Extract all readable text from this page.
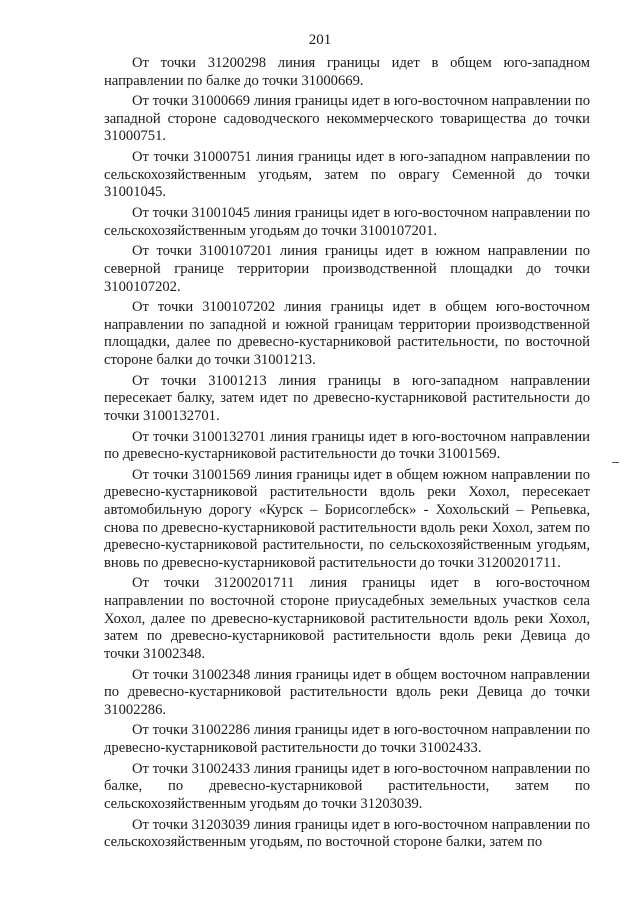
201

От точки 31200298 линия границы идет в общем юго-западном направлении по балке до точки 31000669.

От точки 31000669 линия границы идет в юго-восточном направлении по западной стороне садоводческого некоммерческого товарищества до точки 31000751.

От точки 31000751 линия границы идет в юго-западном направлении по сельскохозяйственным угодьям, затем по оврагу Семенной до точки 31001045.

От точки 31001045 линия границы идет в юго-восточном направлении по сельскохозяйственным угодьям до точки 3100107201.

От точки 3100107201 линия границы идет в южном направлении по северной границе территории производственной площадки до точки 3100107202.

От точки 3100107202 линия границы идет в общем юго-восточном направлении по западной и южной границам территории производственной площадки, далее по древесно-кустарниковой растительности, по восточной стороне балки до точки 31001213.

От точки 31001213 линия границы в юго-западном направлении пересекает балку, затем идет по древесно-кустарниковой растительности до точки 3100132701.

От точки 3100132701 линия границы идет в юго-восточном направлении по древесно-кустарниковой растительности до точки 31001569.

От точки 31001569 линия границы идет в общем южном направлении по древесно-кустарниковой растительности вдоль реки Хохол, пересекает автомобильную дорогу «Курск – Борисоглебск» - Хохольский – Репьевка, снова по древесно-кустарниковой растительности вдоль реки Хохол, затем по древесно-кустарниковой растительности, по сельскохозяйственным угодьям, вновь по древесно-кустарниковой растительности до точки 31200201711.

От точки 31200201711 линия границы идет в юго-восточном направлении по восточной стороне приусадебных земельных участков села Хохол, далее по древесно-кустарниковой растительности вдоль реки Хохол, затем по древесно-кустарниковой растительности вдоль реки Девица до точки 31002348.

От точки 31002348 линия границы идет в общем восточном направлении по древесно-кустарниковой растительности вдоль реки Девица до точки 31002286.

От точки 31002286 линия границы идет в юго-восточном направлении по древесно-кустарниковой растительности до точки 31002433.

От точки 31002433 линия границы идет в юго-восточном направлении по балке, по древесно-кустарниковой растительности, затем по сельскохозяйственным угодьям до точки 31203039.

От точки 31203039 линия границы идет в юго-восточном направлении по сельскохозяйственным угодьям, по восточной стороне балки, затем по
